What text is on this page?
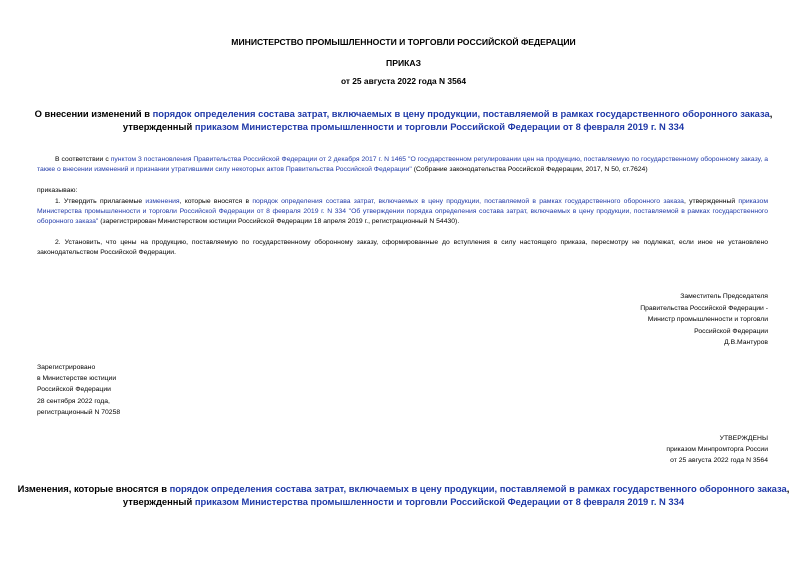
МИНИСТЕРСТВО ПРОМЫШЛЕННОСТИ И ТОРГОВЛИ РОССИЙСКОЙ ФЕДЕРАЦИИ
ПРИКАЗ
от 25 августа 2022 года N 3564
О внесении изменений в порядок определения состава затрат, включаемых в цену продукции, поставляемой в рамках государственного оборонного заказа, утвержденный приказом Министерства промышленности и торговли Российской Федерации от 8 февраля 2019 г. N 334
В соответствии с пунктом 3 постановления Правительства Российской Федерации от 2 декабря 2017 г. N 1465 "О государственном регулировании цен на продукцию, поставляемую по государственному оборонному заказу, а также о внесении изменений и признании утратившими силу некоторых актов Правительства Российской Федерации" (Собрание законодательства Российской Федерации, 2017, N 50, ст.7624)
приказываю:
1. Утвердить прилагаемые изменения, которые вносятся в порядок определения состава затрат, включаемых в цену продукции, поставляемой в рамках государственного оборонного заказа, утвержденный приказом Министерства промышленности и торговли Российской Федерации от 8 февраля 2019 г. N 334 "Об утверждении порядка определения состава затрат, включаемых в цену продукции, поставляемой в рамках государственного оборонного заказа" (зарегистрирован Министерством юстиции Российской Федерации 18 апреля 2019 г., регистрационный N 54430).
2. Установить, что цены на продукцию, поставляемую по государственному оборонному заказу, сформированные до вступления в силу настоящего приказа, пересмотру не подлежат, если иное не установлено законодательством Российской Федерации.
Заместитель Председателя
Правительства Российской Федерации -
Министр промышленности и торговли
Российской Федерации
Д.В.Мантуров
Зарегистрировано
в Министерстве юстиции
Российской Федерации
28 сентября 2022 года,
регистрационный N 70258
УТВЕРЖДЕНЫ
приказом Минпромторга России
от 25 августа 2022 года N 3564
Изменения, которые вносятся в порядок определения состава затрат, включаемых в цену продукции, поставляемой в рамках государственного оборонного заказа, утвержденный приказом Министерства промышленности и торговли Российской Федерации от 8 февраля 2019 г. N 334
